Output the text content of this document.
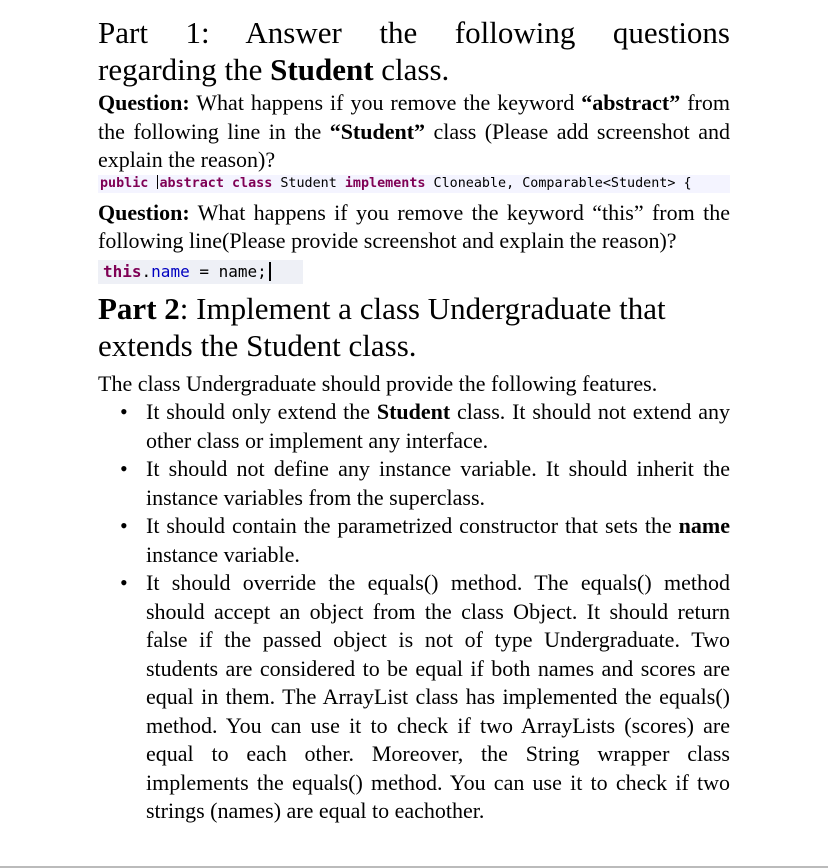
Part 1: Answer the following questions
regarding the Student class.

Question: What happens if you remove the keyword “abstract” from the following line in the “Student” class (Please add screenshot and explain the reason)?

public abstract class Student implements Cloneable, Comparable<Student> {

Question: What happens if you remove the keyword “this” from the following line(Please provide screenshot and explain the reason)?

this.name = name;
Part 2: Implement a class Undergraduate that extends the Student class.

The class Undergraduate should provide the following features.

• It should only extend the Student class. It should not extend any other class or implement any interface.
• It should not define any instance variable. It should inherit the instance variables from the superclass.
• It should contain the parametrized constructor that sets the name instance variable.
• It should override the equals() method. The equals() method should accept an object from the class Object. It should return false if the passed object is not of type Undergraduate. Two students are considered to be equal if both names and scores are equal in them. The ArrayList class has implemented the equals() method. You can use it to check if two ArrayLists (scores) are equal to each other. Moreover, the String wrapper class implements the equals() method. You can use it to check if two strings (names) are equal to eachother.
